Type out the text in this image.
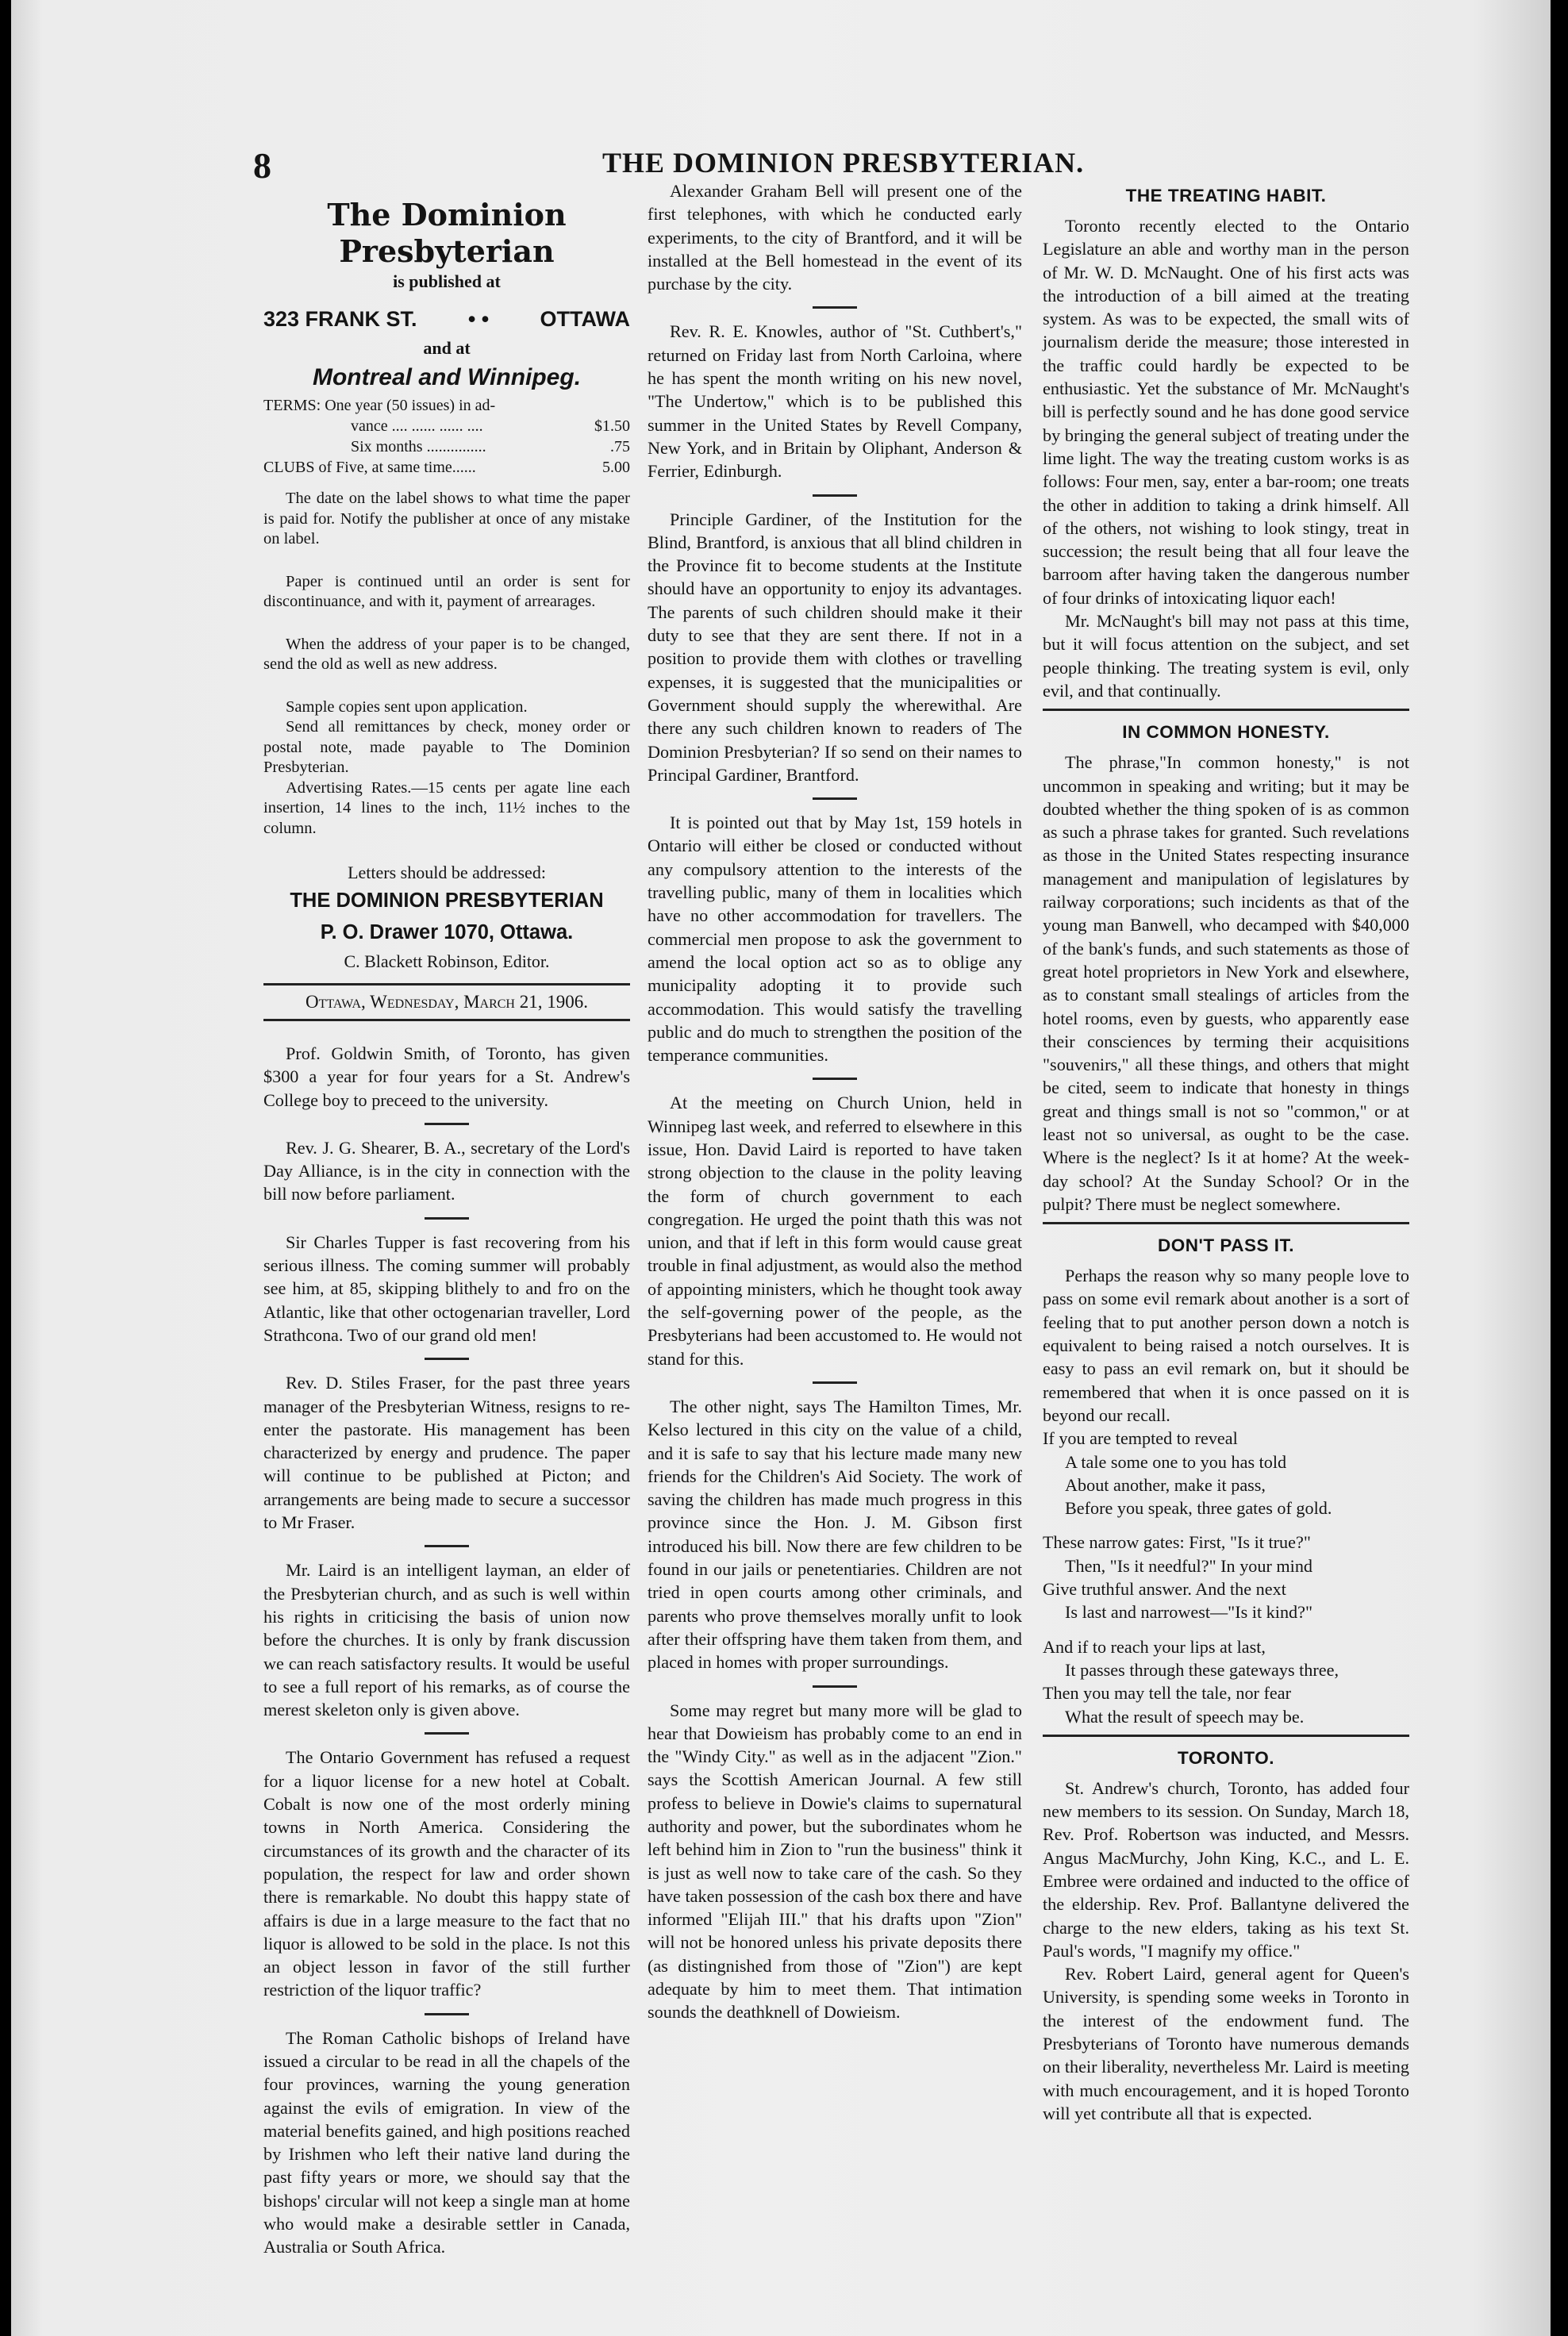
8	THE DOMINION PRESBYTERIAN.
The Dominion Presbyterian
is published at
323 FRANK ST. • • OTTAWA
and at
Montreal and Winnipeg.
TERMS: One year (50 issues) in ad-
vance .... ...... ...... ....	$1.50
Six months ...............	.75
CLUBS of Five, at same time......	5.00

The date on the label shows to what time the paper is paid for. Notify the publisher at once of any mistake on label.

Paper is continued until an order is sent for discontinuance, and with it, payment of arrearages.

When the address of your paper is to be changed, send the old as well as new address.

Sample copies sent upon application.

Send all remittances by check, money order or postal note, made payable to The Dominion Presbyterian.

Advertising Rates.—15 cents per agate line each insertion, 14 lines to the inch, 11½ inches to the column.

Letters should be addressed:
THE DOMINION PRESBYTERIAN
P. O. Drawer 1070, Ottawa.
C. Blackett Robinson, Editor.
Ottawa, Wednesday, March 21, 1906.

Prof. Goldwin Smith, of Toronto, has given $300 a year for four years for a St. Andrew's College boy to preceed to the university.

Rev. J. G. Shearer, B. A., secretary of the Lord's Day Alliance, is in the city in connection with the bill now before parliament.

Sir Charles Tupper is fast recovering from his serious illness. The coming summer will probably see him, at 85, skipping blithely to and fro on the Atlantic, like that other octogenarian traveller, Lord Strathcona. Two of our grand old men!

Rev. D. Stiles Fraser, for the past three years manager of the Presbyterian Witness, resigns to re-enter the pastorate. His management has been characterized by energy and prudence. The paper will continue to be published at Picton; and arrangements are being made to secure a successor to Mr Fraser.

Mr. Laird is an intelligent layman, an elder of the Presbyterian church, and as such is well within his rights in criticising the basis of union now before the churches. It is only by frank discussion we can reach satisfactory results. It would be useful to see a full report of his remarks, as of course the merest skeleton only is given above.

The Ontario Government has refused a request for a liquor license for a new hotel at Cobalt. Cobalt is now one of the most orderly mining towns in North America. Considering the circumstances of its growth and the character of its population, the respect for law and order shown there is remarkable. No doubt this happy state of affairs is due in a large measure to the fact that no liquor is allowed to be sold in the place. Is not this an object lesson in favor of the still further restriction of the liquor traffic?

The Roman Catholic bishops of Ireland have issued a circular to be read in all the chapels of the four provinces, warning the young generation against the evils of emigration. In view of the material benefits gained, and high positions reached by Irishmen who left their native land during the past fifty years or more, we should say that the bishops' circular will not keep a single man at home who would make a desirable settler in Canada, Australia or South Africa.

Alexander Graham Bell will present one of the first telephones, with which he conducted early experiments, to the city of Brantford, and it will be installed at the Bell homestead in the event of its purchase by the city.

Rev. R. E. Knowles, author of "St. Cuthbert's," returned on Friday last from North Carloina, where he has spent the month writing on his new novel, "The Undertow," which is to be published this summer in the United States by Revell Company, New York, and in Britain by Oliphant, Anderson & Ferrier, Edinburgh.

Principle Gardiner, of the Institution for the Blind, Brantford, is anxious that all blind children in the Province fit to become students at the Institute should have an opportunity to enjoy its advantages. The parents of such children should make it their duty to see that they are sent there. If not in a position to provide them with clothes or travelling expenses, it is suggested that the municipalities or Government should supply the wherewithal. Are there any such children known to readers of The Dominion Presbyterian? If so send on their names to Principal Gardiner, Brantford.

It is pointed out that by May 1st, 159 hotels in Ontario will either be closed or conducted without any compulsory attention to the interests of the travelling public, many of them in localities which have no other accommodation for travellers. The commercial men propose to ask the government to amend the local option act so as to oblige any municipality adopting it to provide such accommodation. This would satisfy the travelling public and do much to strengthen the position of the temperance communities.

At the meeting on Church Union, held in Winnipeg last week, and referred to elsewhere in this issue, Hon. David Laird is reported to have taken strong objection to the clause in the polity leaving the form of church government to each congregation. He urged the point thath this was not union, and that if left in this form would cause great trouble in final adjustment, as would also the method of appointing ministers, which he thought took away the self-governing power of the people, as the Presbyterians had been accustomed to. He would not stand for this.

The other night, says The Hamilton Times, Mr. Kelso lectured in this city on the value of a child, and it is safe to say that his lecture made many new friends for the Children's Aid Society. The work of saving the children has made much progress in this province since the Hon. J. M. Gibson first introduced his bill. Now there are few children to be found in our jails or penetentiaries. Children are not tried in open courts among other criminals, and parents who prove themselves morally unfit to look after their offspring have them taken from them, and placed in homes with proper surroundings.

Some may regret but many more will be glad to hear that Dowieism has probably come to an end in the "Windy City." as well as in the adjacent "Zion." says the Scottish American Journal. A few still profess to believe in Dowie's claims to supernatural authority and power, but the subordinates whom he left behind him in Zion to "run the business" think it is just as well now to take care of the cash. So they have taken possession of the cash box there and have informed "Elijah III." that his drafts upon "Zion" will not be honored unless his private deposits there (as distingnished from those of "Zion") are kept adequate by him to meet them. That intimation sounds the deathknell of Dowieism.

THE TREATING HABIT.

Toronto recently elected to the Ontario Legislature an able and worthy man in the person of Mr. W. D. McNaught. One of his first acts was the introduction of a bill aimed at the treating system. As was to be expected, the small wits of journalism deride the measure; those interested in the traffic could hardly be expected to be enthusiastic. Yet the substance of Mr. McNaught's bill is perfectly sound and he has done good service by bringing the general subject of treating under the lime light. The way the treating custom works is as follows: Four men, say, enter a bar-room; one treats the other in addition to taking a drink himself. All of the others, not wishing to look stingy, treat in succession; the result being that all four leave the barroom after having taken the dangerous number of four drinks of intoxicating liquor each!

Mr. McNaught's bill may not pass at this time, but it will focus attention on the subject, and set people thinking. The treating system is evil, only evil, and that continually.

IN COMMON HONESTY.

The phrase,"In common honesty," is not uncommon in speaking and writing; but it may be doubted whether the thing spoken of is as common as such a phrase takes for granted. Such revelations as those in the United States respecting insurance management and manipulation of legislatures by railway corporations; such incidents as that of the young man Banwell, who decamped with $40,000 of the bank's funds, and such statements as those of great hotel proprietors in New York and elsewhere, as to constant small stealings of articles from the hotel rooms, even by guests, who apparently ease their consciences by terming their acquisitions "souvenirs," all these things, and others that might be cited, seem to indicate that honesty in things great and things small is not so "common," or at least not so universal, as ought to be the case. Where is the neglect? Is it at home? At the week-day school? At the Sunday School? Or in the pulpit? There must be neglect somewhere.

DON'T PASS IT.

Perhaps the reason why so many people love to pass on some evil remark about another is a sort of feeling that to put another person down a notch is equivalent to being raised a notch ourselves. It is easy to pass an evil remark on, but it should be remembered that when it is once passed on it is beyond our recall.

If you are tempted to reveal
A tale some one to you has told
About another, make it pass,
Before you speak, three gates of gold.
These narrow gates: First, "Is it true?"
Then, "Is it needful?" In your mind
Give truthful answer. And the next
Is last and narrowest—"Is it kind?"
And if to reach your lips at last,
It passes through these gateways three,
Then you may tell the tale, nor fear
What the result of speech may be.
TORONTO.

St. Andrew's church, Toronto, has added four new members to its session. On Sunday, March 18, Rev. Prof. Robertson was inducted, and Messrs. Angus MacMurchy, John King, K.C., and L. E. Embree were ordained and inducted to the office of the eldership. Rev. Prof. Ballantyne delivered the charge to the new elders, taking as his text St. Paul's words, "I magnify my office."

Rev. Robert Laird, general agent for Queen's University, is spending some weeks in Toronto in the interest of the endowment fund. The Presbyterians of Toronto have numerous demands on their liberality, nevertheless Mr. Laird is meeting with much encouragement, and it is hoped Toronto will yet contribute all that is expected.
